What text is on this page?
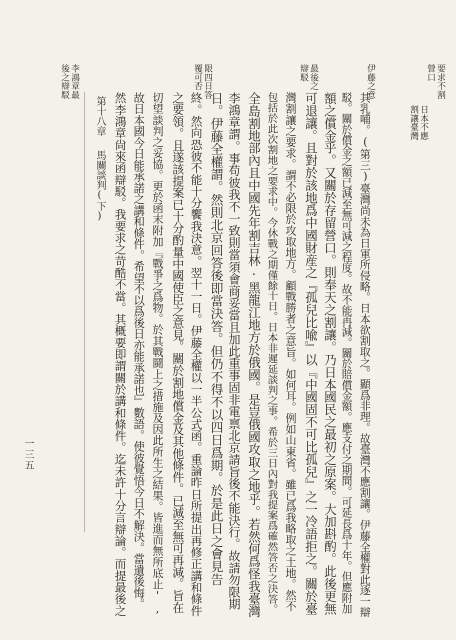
要求不割
營口
伊藤之意
日本不應
割讓臺灣
最後之
辯駁
限四日答
覆可否
李鴻章最
後之辯駁
其乳哺。(第三)臺灣尚未為日軍所侵略。日本欲割取之。顯爲非理。故臺灣不應割讓。伊藤全權對此逐一辯
駁。關於償金之額已減至無可減之程度。故不能再減。關於賠償金額。應支付之期間。可延長爲十年。但應附加
額之償金乎。又關於存留營口。則奉天之割讓。乃日本國民之最初之原案。大加斟酌。此後更無
可退讓。且對於該地爲中國財産之『孤兒比喩』以『中國固不可比孤兒』之一冷語拒之。關於臺
灣割讓之要求。謂不必限於攻取地方。顧戰勝者之意旨。如何耳。例如山東省。雖已爲我略取之土地。然不
包括於此次割地之要求中。今休戰之期僅餘十日。日本非遲延談判之事。希於三日內對我提案爲確然答否之決答。
全島割地部內且中國先年割吉林·黑龍江地方於俄國。是豈俄國攻取之地乎。若然何爲怪我臺灣
李鴻章謂。事苟彼我不一致則當須會商妥當且加此重事固非電禀北京請旨後不能決行。故請勿限期
日。伊藤全權謂。然則北京回答後即當決答。但仍不得不以四日爲期。於是此日之會見告
終。然向恐彼不能十分饗我決意。翌十一日。伊藤全權以一半公式函。重論昨日所提出再修正講和條件
之要領。且遂該提案已十分酌量中國使臣之意見。關於割地償金及其他條件。已減至無可再減。旨在
切望談判之妥協。更於函末附加『戰爭之爲物。於其戰鬪上之措施及因此所生之結果。皆進而無所底止',
故日本國今日能承諾之講和條件。希望不以爲後日亦能承諾也』數語。使彼覺悟今日不解決。當遺後悔。
然李鴻章尙來函辯駁。我要求之苛酷不當。其概要即謂關於講和條件。迄未許十分言辯論。而提最後之
第十八章
馬關談判(下)
一三五
